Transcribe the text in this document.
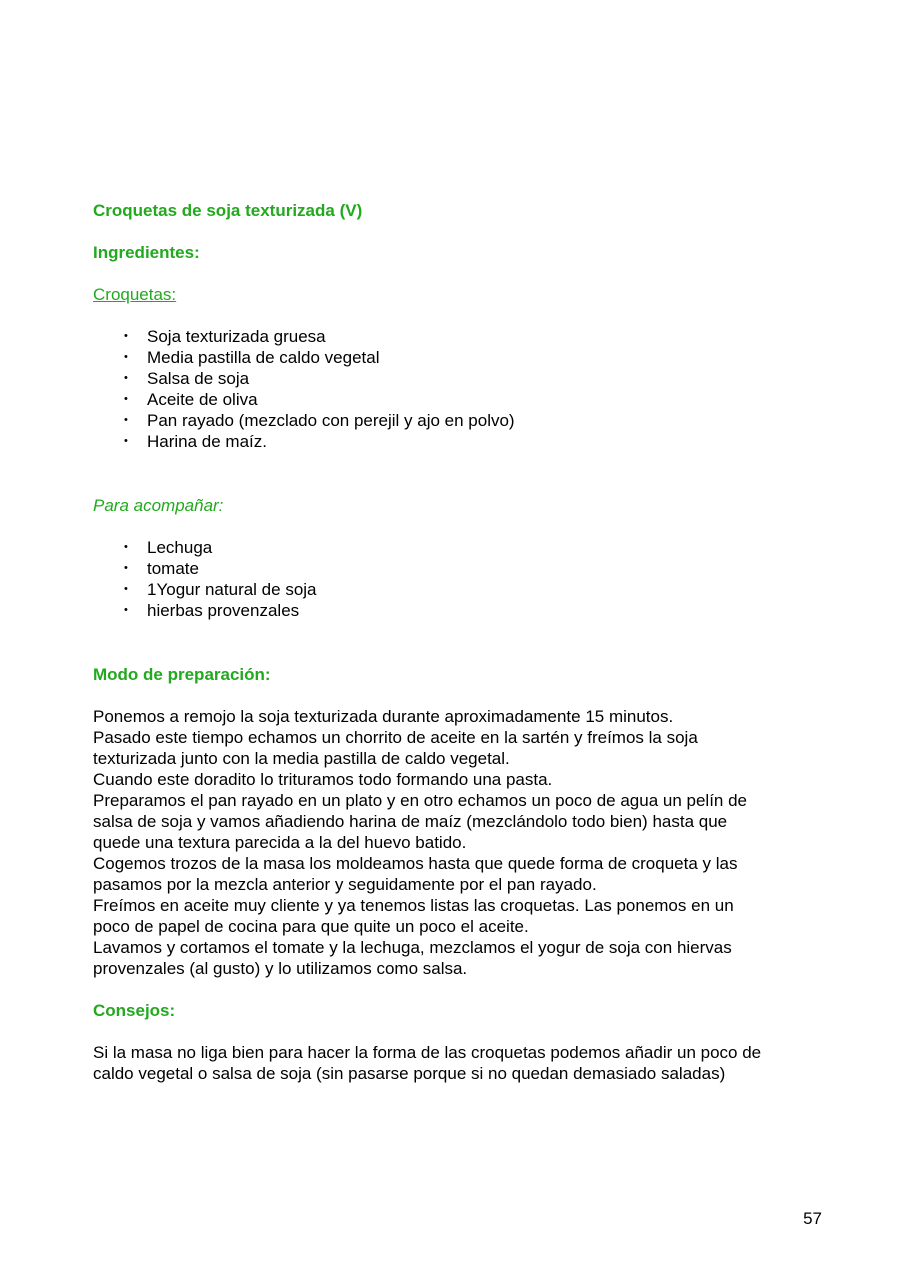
Croquetas de soja texturizada (V)

Ingredientes:

Croquetas:

• Soja texturizada gruesa
• Media pastilla de caldo vegetal
• Salsa de soja
• Aceite de oliva
• Pan rayado (mezclado con perejil y ajo en polvo)
• Harina de maíz.

Para acompañar:

• Lechuga
• tomate
• 1Yogur natural de soja
• hierbas provenzales

Modo de preparación:

Ponemos a remojo la soja texturizada durante aproximadamente 15 minutos.

Pasado este tiempo echamos un chorrito de aceite en la sartén y freímos la soja

texturizada junto con la media pastilla de caldo vegetal.

Cuando este doradito lo trituramos todo formando una pasta.

Preparamos el pan rayado en un plato y en otro echamos un poco de agua un pelín de

salsa de soja y vamos añadiendo harina de maíz (mezclándolo todo bien) hasta que

quede una textura parecida a la del huevo batido.

Cogemos trozos de la masa los moldeamos hasta que quede forma de croqueta y las

pasamos por la mezcla anterior y seguidamente por el pan rayado.

Freímos en aceite muy cliente y ya tenemos listas las croquetas. Las ponemos en un

poco de papel de cocina para que quite un poco el aceite.

Lavamos y cortamos el tomate y la lechuga, mezclamos el yogur de soja con hiervas

provenzales (al gusto) y lo utilizamos como salsa.

Consejos:

Si la masa no liga bien para hacer la forma de las croquetas podemos añadir un poco de

caldo vegetal o salsa de soja (sin pasarse porque si no quedan demasiado saladas)

57
